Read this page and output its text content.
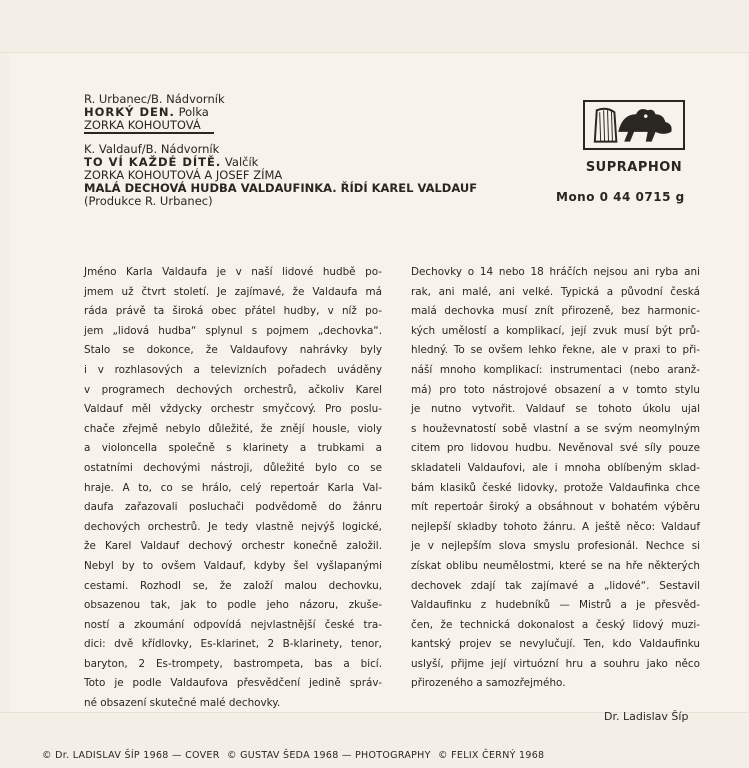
R. Urbanec/B. Nádvorník
HORKÝ DEN. Polka
ZORKA KOHOUTOVÁ
K. Valdauf/B. Nádvorník
TO VÍ KAŽDÉ DÍTĚ. Valčík
ZORKA KOHOUTOVÁ A JOSEF ZÍMA
MALÁ DECHOVÁ HUDBA VALDAUFINKA. ŘÍDÍ KAREL VALDAUF
(Produkce R. Urbanec)
SUPRAPHON
Mono 0 44 0715 g
Jméno Karla Valdaufa je v naší lidové hudbě po-
jmem už čtvrt století. Je zajímavé, že Valdaufa má
ráda právě ta široká obec přátel hudby, v níž po-
jem „lidová hudba“ splynul s pojmem „dechovka“.
Stalo se dokonce, že Valdaufovy nahrávky byly
i v rozhlasových a televizních pořadech uváděny
v programech dechových orchestrů, ačkoliv Karel
Valdauf měl vždycky orchestr smyčcový. Pro poslu-
chače zřejmě nebylo důležité, že znějí housle, violy
a violoncella společně s klarinety a trubkami a
ostatními dechovými nástroji, důležité bylo co se
hraje. A to, co se hrálo, celý repertoár Karla Val-
daufa zařazovali posluchači podvědomě do žánru
dechových orchestrů. Je tedy vlastně nejvýš logické,
že Karel Valdauf dechový orchestr konečně založil.
Nebyl by to ovšem Valdauf, kdyby šel vyšlapanými
cestami. Rozhodl se, že založí malou dechovku,
obsazenou tak, jak to podle jeho názoru, zkuše-
ností a zkoumání odpovídá nejvlastnější české tra-
dici: dvě křídlovky, Es-klarinet, 2 B-klarinety, tenor,
baryton, 2 Es-trompety, bastrompeta, bas a bicí.
Toto je podle Valdaufova přesvědčení jedině správ-
né obsazení skutečné malé dechovky.
Dechovky o 14 nebo 18 hráčích nejsou ani ryba ani
rak, ani malé, ani velké. Typická a původní česká
malá dechovka musí znít přirozeně, bez harmonic-
kých umělostí a komplikací, její zvuk musí být prů-
hledný. To se ovšem lehko řekne, ale v praxi to při-
náší mnoho komplikací: instrumentaci (nebo aranž-
má) pro toto nástrojové obsazení a v tomto stylu
je nutno vytvořit. Valdauf se tohoto úkolu ujal
s houževnatostí sobě vlastní a se svým neomylným
citem pro lidovou hudbu. Nevěnoval své síly pouze
skladateli Valdaufovi, ale i mnoha oblíbeným sklad-
bám klasiků české lidovky, protože Valdaufinka chce
mít repertoár široký a obsáhnout v bohatém výběru
nejlepší skladby tohoto žánru. A ještě něco: Valdauf
je v nejlepším slova smyslu profesionál. Nechce si
získat oblibu neumělostmi, které se na hře některých
dechovek zdají tak zajímavé a „lidové“. Sestavil
Valdaufinku z hudebníků — Mistrů a je přesvěd-
čen, že technická dokonalost a český lidový muzi-
kantský projev se nevylučují. Ten, kdo Valdaufinku
uslyší, přijme její virtuózní hru a souhru jako něco
přirozeného a samozřejmého.
Dr. Ladislav Šíp
© Dr. LADISLAV ŠÍP 1968 — COVER © GUSTAV ŠEDA 1968 — PHOTOGRAPHY © FELIX ČERNÝ 1968
